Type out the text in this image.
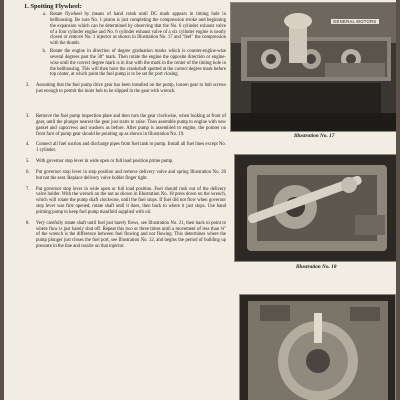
1. Spotting Flywheel:
a. Rotate flywheel by means of hand crank until DC mark appears in timing hole in bellhousing. Be sure No. 1 piston is just completing the compression stroke and beginning the expansion which can be determined by observing that the No. 6 cylinder exhaust valve of a four cylinder engine and No. 6 cylinder exhaust valve of a six cylinder engine is nearly closed or remove No. 1 injector as shown in Illustration No. 17 and "feel" the compression with the thumb.

b. Rotate the engine in direction of degree graduation marks which is counter-engine-wise several degrees past the 30° mark. Then rotate the engine the opposite direction or engine-wise until the correct degree mark is in line with the mark in the center of the timing hole in the bellhousing. This will then have the crankshaft spotted at the correct degree mark before top center, at which point the fuel pump is to be set for port closing.

2.	Assuming that the fuel pump drive gear has been installed on the pump, loosen gear to hub screws just enough to permit the inner hub to be slipped in the gear with wrench.

3.	Remove the fuel pump inspection plate and then turn the gear clockwise, when looking at front of gear, until the plunger nearest the gear just starts to raise. Then assemble pump to engine with new gasket and capscrews and washers as before. After pump is assembled to engine, the pointer on front face of pump gear should be pointing up as shown in Illustration No. 19.

4.	Connect all fuel suction and discharge pipes from fuel tank to pump. Install all fuel lines except No. 1 cylinder.

5.	With governor stop lever in wide open or full load position prime pump

6.	Put governor stop lever in stop position and remove delivery valve and spring Illustration No. 20 but not the seat. Replace delivery valve holder finger tight.

7.	Put governor stop lever in wide open or full load position. Fuel should rush out of the delivery valve holder. With the wrench on the nut as shown in Illustration No. 18 press down on the wrench, which will rotate the pump shaft clockwise, until the fuel stops. If fuel did not flow when governor stop lever was first opened, rotate shaft until it does, then back to where it just stops. Use hand priming pump to keep fuel pump manifold supplied with oil.

8.	Very carefully rotate shaft until fuel just barely flows, see Illustration No. 21, then back to point to where flow is just barely shut off. Repeat this two or three times until a movement of less than ⅛" of the wrench is the difference between fuel flowing and not flowing. This determines where the pump plunger just closes the fuel port, see Illustration No. 12, and begins the period of building up pressure in the line and nozzle on that injector.

GENERAL MOTORS
Illustration No. 17
Illustration No. 18
